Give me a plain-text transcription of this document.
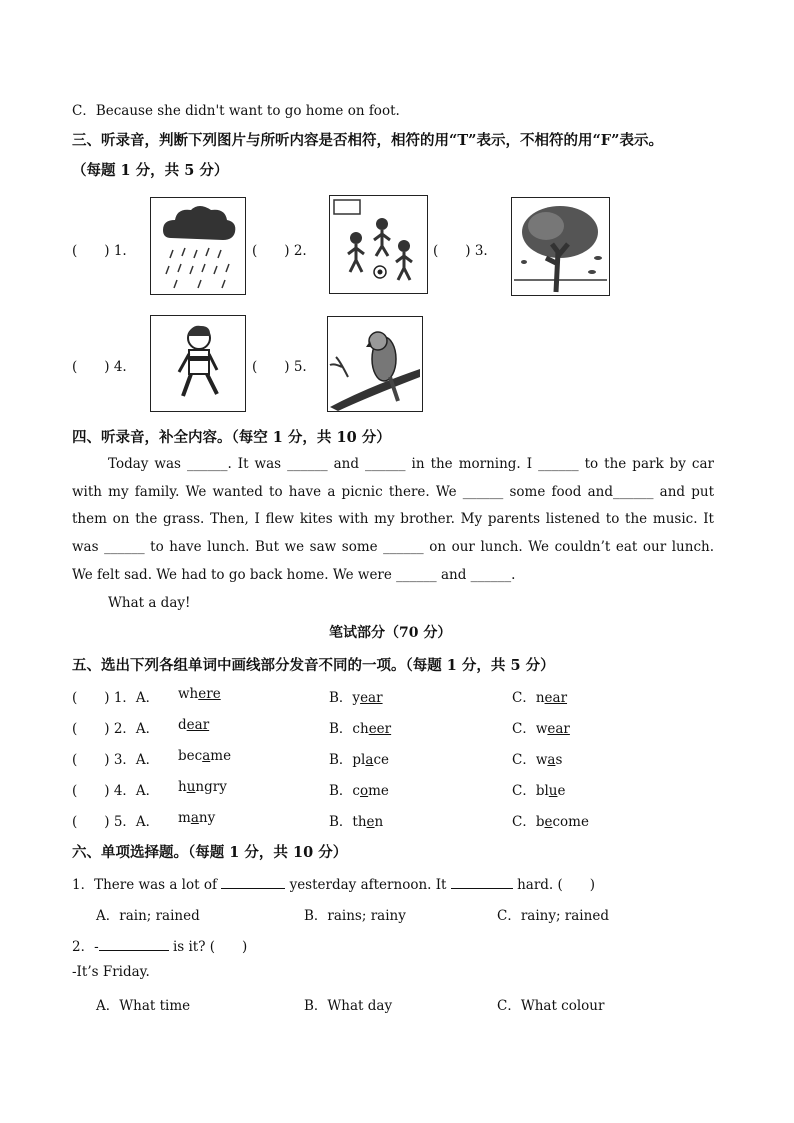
C．Because she didn't want to go home on foot.
三、听录音，判断下列图片与所听内容是否相符，相符的用“T”表示，不相符的用“F”表示。
（每题 1 分，共 5 分）
(　　) 1.	(　　) 2.	(　　) 3.
(　　) 4.	(　　) 5.
四、听录音，补全内容。（每空 1 分，共 10 分）
Today was ______. It was ______ and ______ in the morning. I ______ to the park by car with my family. We wanted to have a picnic there. We ______ some food and______ and put them on the grass. Then, I flew kites with my brother. My parents listened to the music. It was ______ to have lunch. But we saw some ______ on our lunch. We couldn’t eat our lunch. We felt sad. We had to go back home. We were ______ and ______.
What a day!
笔试部分（70 分）
五、选出下列各组单词中画线部分发音不同的一项。（每题 1 分，共 5 分）
(　　) 1．A． where	B．year	C．near
(　　) 2．A． dear	B．cheer	C．wear
(　　) 3．A． became	B．place	C．was
(　　) 4．A． hungry	B．come	C．blue
(　　) 5．A． many	B．then	C．become
六、单项选择题。（每题 1 分，共 10 分）
1．There was a lot of	yesterday afternoon. It	hard. (　　)
A．rain; rained	B．rains; rainy	C．rainy; rained
2．-	is it? (　　)
-It’s Friday.
A．What time	B．What day	C．What colour
